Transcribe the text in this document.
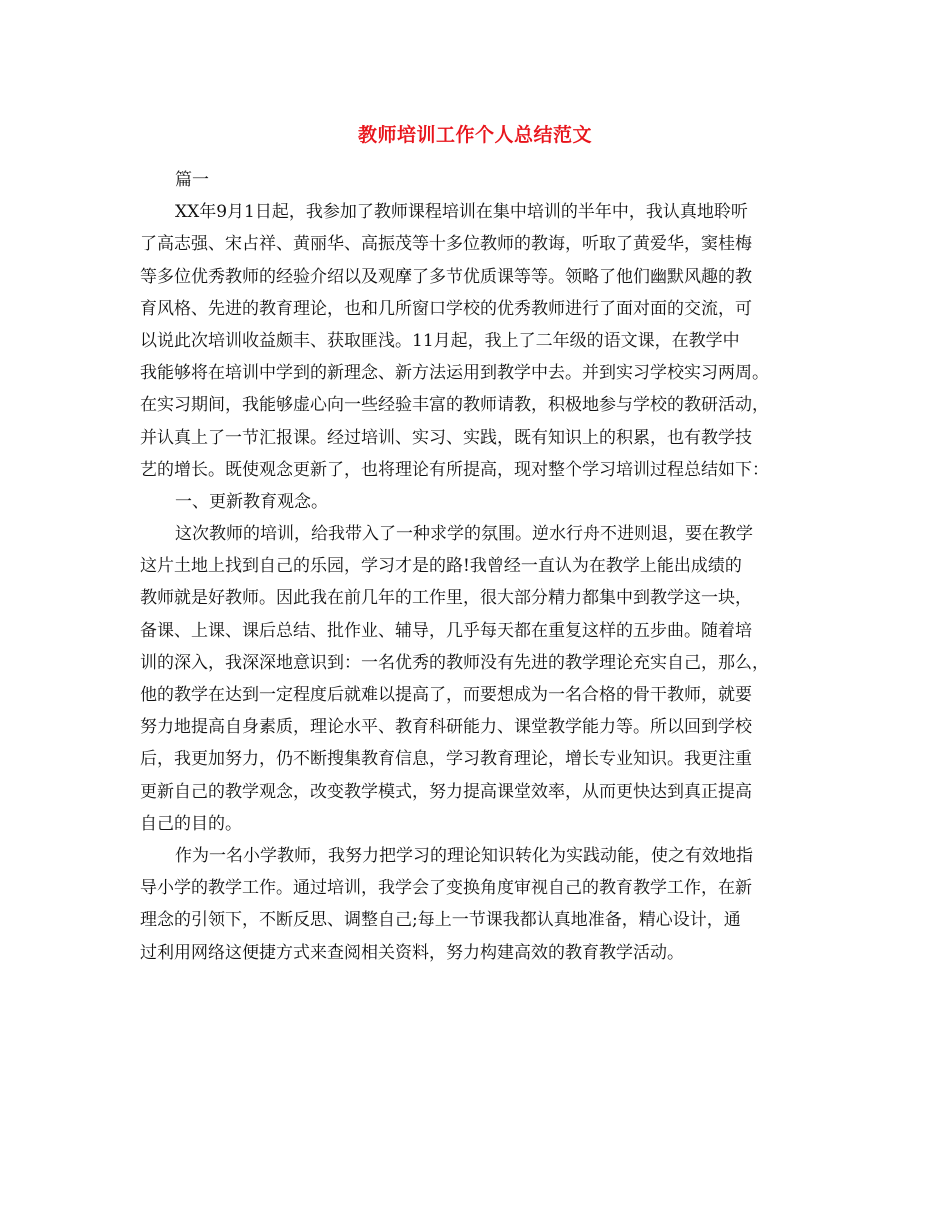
教师培训工作个人总结范文
篇一
XX年9月1日起，我参加了教师课程培训在集中培训的半年中，我认真地聆听
了高志强、宋占祥、黄丽华、高振茂等十多位教师的教诲，听取了黄爱华，窦桂梅
等多位优秀教师的经验介绍以及观摩了多节优质课等等。领略了他们幽默风趣的教
育风格、先进的教育理论，也和几所窗口学校的优秀教师进行了面对面的交流，可
以说此次培训收益颇丰、获取匪浅。11月起，我上了二年级的语文课，在教学中
我能够将在培训中学到的新理念、新方法运用到教学中去。并到实习学校实习两周。
在实习期间，我能够虚心向一些经验丰富的教师请教，积极地参与学校的教研活动，
并认真上了一节汇报课。经过培训、实习、实践，既有知识上的积累，也有教学技
艺的增长。既使观念更新了，也将理论有所提高，现对整个学习培训过程总结如下：
一、更新教育观念。
这次教师的培训，给我带入了一种求学的氛围。逆水行舟不进则退，要在教学
这片土地上找到自己的乐园，学习才是的路!我曾经一直认为在教学上能出成绩的
教师就是好教师。因此我在前几年的工作里，很大部分精力都集中到教学这一块，
备课、上课、课后总结、批作业、辅导，几乎每天都在重复这样的五步曲。随着培
训的深入，我深深地意识到：一名优秀的教师没有先进的教学理论充实自己，那么，
他的教学在达到一定程度后就难以提高了，而要想成为一名合格的骨干教师，就要
努力地提高自身素质，理论水平、教育科研能力、课堂教学能力等。所以回到学校
后，我更加努力，仍不断搜集教育信息，学习教育理论，增长专业知识。我更注重
更新自己的教学观念，改变教学模式，努力提高课堂效率，从而更快达到真正提高
自己的目的。
作为一名小学教师，我努力把学习的理论知识转化为实践动能，使之有效地指
导小学的教学工作。通过培训，我学会了变换角度审视自己的教育教学工作，在新
理念的引领下，不断反思、调整自己;每上一节课我都认真地准备，精心设计，通
过利用网络这便捷方式来查阅相关资料，努力构建高效的教育教学活动。
